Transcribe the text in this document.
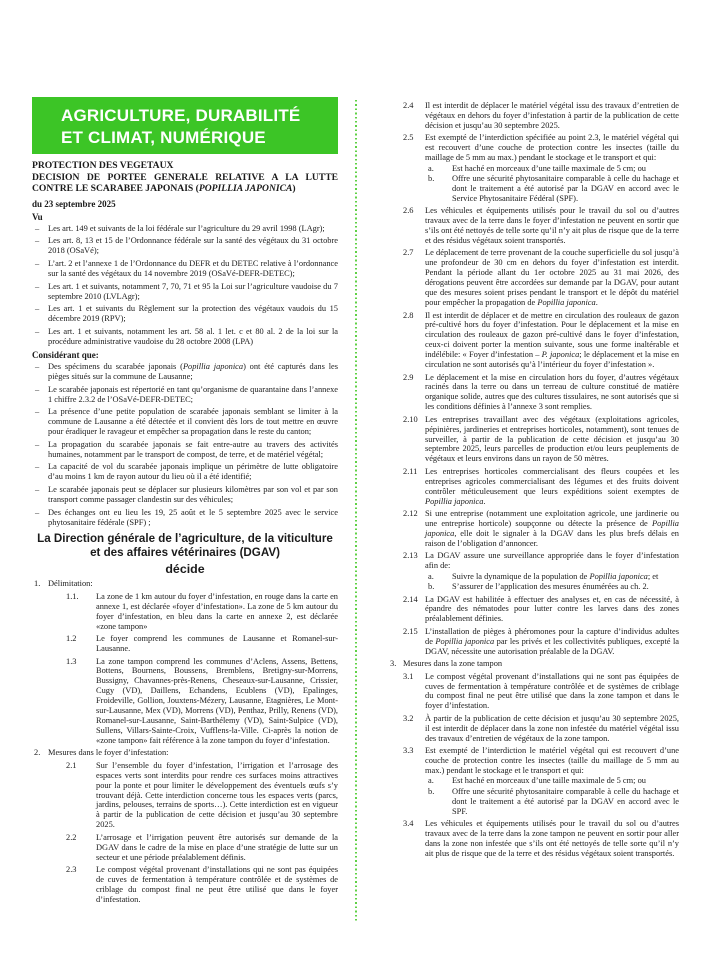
AGRICULTURE, DURABILITÉ
ET CLIMAT, NUMÉRIQUE
PROTECTION DES VEGETAUX
DECISION DE PORTEE GENERALE RELATIVE A LA LUTTE CONTRE LE SCARABEE JAPONAIS (POPILLIA JAPONICA)
du 23 septembre 2025
Vu
–	Les art. 149 et suivants de la loi fédérale sur l’agriculture du 29 avril 1998 (LAgr);
–	Les art. 8, 13 et 15 de l’Ordonnance fédérale sur la santé des végétaux du 31 octobre 2018 (OSaVé);
–	L’art. 2 et l’annexe 1 de l’Ordonnance du DEFR et du DETEC relative à l’ordonnance sur la santé des végétaux du 14 novembre 2019 (OSaVé-DEFR-DETEC);
–	Les art. 1 et suivants, notamment 7, 70, 71 et 95 la Loi sur l’agriculture vaudoise du 7 septembre 2010 (LVLAgr);
–	Les art. 1 et suivants du Règlement sur la protection des végétaux vaudois du 15 décembre 2019 (RPV);
–	Les art. 1 et suivants, notamment les art. 58 al. 1 let. c et 80 al. 2 de la loi sur la procédure administrative vaudoise du 28 octobre 2008 (LPA)
Considérant que:
–	Des spécimens du scarabée japonais (Popillia japonica) ont été capturés dans les pièges situés sur la commune de Lausanne;
–	Le scarabée japonais est répertorié en tant qu’organisme de quarantaine dans l’annexe 1 chiffre 2.3.2 de l’OSaVé-DEFR-DETEC;
–	La présence d’une petite population de scarabée japonais semblant se limiter à la commune de Lausanne a été détectée et il convient dès lors de tout mettre en œuvre pour éradiquer le ravageur et empêcher sa propagation dans le reste du canton;
–	La propagation du scarabée japonais se fait entre-autre au travers des activités humaines, notamment par le transport de compost, de terre, et de matériel végétal;
–	La capacité de vol du scarabée japonais implique un périmètre de lutte obligatoire d’au moins 1 km de rayon autour du lieu où il a été identifié;
–	Le scarabée japonais peut se déplacer sur plusieurs kilomètres par son vol et par son transport comme passager clandestin sur des véhicules;
–	Des échanges ont eu lieu les 19, 25 août et le 5 septembre 2025 avec le service phytosanitaire fédérale (SPF) ;
La Direction générale de l’agriculture, de la viticulture
et des affaires vétérinaires (DGAV)
décide
1. Délimitation:
1.1.	La zone de 1 km autour du foyer d’infestation, en rouge dans la carte en annexe 1, est déclarée «foyer d’infestation». La zone de 5 km autour du foyer d’infestation, en bleu dans la carte en annexe 2, est déclarée «zone tampon»
1.2	Le foyer comprend les communes de Lausanne et Romanel-sur-Lausanne.
1.3	La zone tampon comprend les communes d’Aclens, Assens, Bettens, Bottens, Bournens, Boussens, Bremblens, Bretigny-sur-Morrens, Bussigny, Chavannes-près-Renens, Cheseaux-sur-Lausanne, Crissier, Cugy (VD), Daillens, Echandens, Ecublens (VD), Epalinges, Froideville, Gollion, Jouxtens-Mézery, Lausanne, Etagnières, Le Mont-sur-Lausanne, Mex (VD), Morrens (VD), Penthaz, Prilly, Renens (VD), Romanel-sur-Lausanne, Saint-Barthélemy (VD), Saint-Sulpice (VD), Sullens, Villars-Sainte-Croix, Vufflens-la-Ville. Ci-après la notion de «zone tampon» fait référence à la zone tampon du foyer d’infestation.
2. Mesures dans le foyer d’infestation:
2.1	Sur l’ensemble du foyer d’infestation, l’irrigation et l’arrosage des espaces verts sont interdits pour rendre ces surfaces moins attractives pour la ponte et pour limiter le développement des éventuels œufs s’y trouvant déjà. Cette interdiction concerne tous les espaces verts (parcs, jardins, pelouses, terrains de sports…). Cette interdiction est en vigueur à partir de la publication de cette décision et jusqu’au 30 septembre 2025.
2.2	L’arrosage et l’irrigation peuvent être autorisés sur demande de la DGAV dans le cadre de la mise en place d’une stratégie de lutte sur un secteur et une période préalablement définis.
2.3	Le compost végétal provenant d’installations qui ne sont pas équipées de cuves de fermentation à température contrôlée et de systèmes de criblage du compost final ne peut être utilisé que dans le foyer d’infestation.
2.4	Il est interdit de déplacer le matériel végétal issu des travaux d’entretien de végétaux en dehors du foyer d’infestation à partir de la publication de cette décision et jusqu’au 30 septembre 2025.
2.5	Est exempté de l’interdiction spécifiée au point 2.3, le matériel végétal qui est recouvert d’une couche de protection contre les insectes (taille du maillage de 5 mm au max.) pendant le stockage et le transport et qui:
a.	Est haché en morceaux d’une taille maximale de 5 cm; ou
b.	Offre une sécurité phytosanitaire comparable à celle du hachage et dont le traitement a été autorisé par la DGAV en accord avec le Service Phytosanitaire Fédéral (SPF).
2.6	Les véhicules et équipements utilisés pour le travail du sol ou d’autres travaux avec de la terre dans le foyer d’infestation ne peuvent en sortir que s’ils ont été nettoyés de telle sorte qu’il n’y ait plus de risque que de la terre et des résidus végétaux soient transportés.
2.7	Le déplacement de terre provenant de la couche superficielle du sol jusqu’à une profondeur de 30 cm en dehors du foyer d’infestation est interdit. Pendant la période allant du 1er octobre 2025 au 31 mai 2026, des dérogations peuvent être accordées sur demande par la DGAV, pour autant que des mesures soient prises pendant le transport et le dépôt du matériel pour empêcher la propagation de Popillia japonica.
2.8	Il est interdit de déplacer et de mettre en circulation des rouleaux de gazon pré-cultivé hors du foyer d’infestation. Pour le déplacement et la mise en circulation des rouleaux de gazon pré-cultivé dans le foyer d’infestation, ceux-ci doivent porter la mention suivante, sous une forme inaltérable et indélébile: « Foyer d’infestation – P. japonica; le déplacement et la mise en circulation ne sont autorisés qu’à l’intérieur du foyer d’infestation ».
2.9	Le déplacement et la mise en circulation hors du foyer, d’autres végétaux racinés dans la terre ou dans un terreau de culture constitué de matière organique solide, autres que des cultures tissulaires, ne sont autorisés que si les conditions définies à l’annexe 3 sont remplies.
2.10 Les entreprises travaillant avec des végétaux (exploitations agricoles, pépinières, jardineries et entreprises horticoles, notamment), sont tenues de surveiller, à partir de la publication de cette décision et jusqu’au 30 septembre 2025, leurs parcelles de production et/ou leurs peuplements de végétaux et leurs environs dans un rayon de 50 mètres.
2.11 Les entreprises horticoles commercialisant des fleurs coupées et les entreprises agricoles commercialisant des légumes et des fruits doivent contrôler méticuleusement que leurs expéditions soient exemptes de Popillia japonica.
2.12 Si une entreprise (notamment une exploitation agricole, une jardinerie ou une entreprise horticole) soupçonne ou détecte la présence de Popillia japonica, elle doit le signaler à la DGAV dans les plus brefs délais en raison de l’obligation d’annoncer.
2.13 La DGAV assure une surveillance appropriée dans le foyer d’infestation afin de:
a.	Suivre la dynamique de la population de Popillia japonica; et
b.	S’assurer de l’application des mesures énumérées au ch. 2.
2.14 La DGAV est habilitée à effectuer des analyses et, en cas de nécessité, à épandre des nématodes pour lutter contre les larves dans des zones préalablement définies.
2.15 L’installation de pièges à phéromones pour la capture d’individus adultes de Popillia japonica par les privés et les collectivités publiques, excepté la DGAV, nécessite une autorisation préalable de la DGAV.
3. Mesures dans la zone tampon
3.1	Le compost végétal provenant d’installations qui ne sont pas équipées de cuves de fermentation à température contrôlée et de systèmes de criblage du compost final ne peut être utilisé que dans la zone tampon et dans le foyer d’infestation.
3.2	À partir de la publication de cette décision et jusqu’au 30 septembre 2025, il est interdit de déplacer dans la zone non infestée du matériel végétal issu des travaux d’entretien de végétaux de la zone tampon.
3.3	Est exempté de l’interdiction le matériel végétal qui est recouvert d’une couche de protection contre les insectes (taille du maillage de 5 mm au max.) pendant le stockage et le transport et qui:
a.	Est haché en morceaux d’une taille maximale de 5 cm; ou
b.	Offre une sécurité phytosanitaire comparable à celle du hachage et dont le traitement a été autorisé par la DGAV en accord avec le SPF.
3.4	Les véhicules et équipements utilisés pour le travail du sol ou d’autres travaux avec de la terre dans la zone tampon ne peuvent en sortir pour aller dans la zone non infestée que s’ils ont été nettoyés de telle sorte qu’il n’y ait plus de risque que de la terre et des résidus végétaux soient transportés.
